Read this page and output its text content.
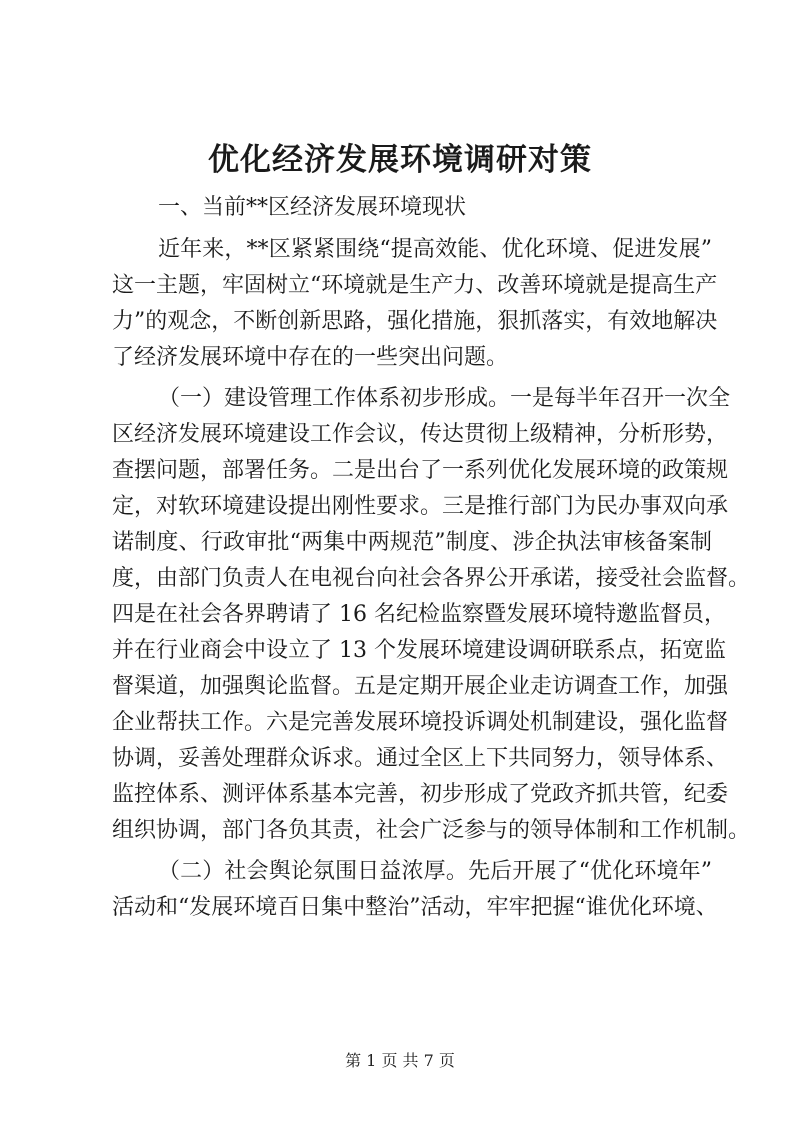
优化经济发展环境调研对策
一、当前**区经济发展环境现状
近年来，**区紧紧围绕“提高效能、优化环境、促进发展”
这一主题，牢固树立“环境就是生产力、改善环境就是提高生产
力”的观念，不断创新思路，强化措施，狠抓落实，有效地解决
了经济发展环境中存在的一些突出问题。
（一）建设管理工作体系初步形成。一是每半年召开一次全
区经济发展环境建设工作会议，传达贯彻上级精神，分析形势，
查摆问题，部署任务。二是出台了一系列优化发展环境的政策规
定，对软环境建设提出刚性要求。三是推行部门为民办事双向承
诺制度、行政审批“两集中两规范”制度、涉企执法审核备案制
度，由部门负责人在电视台向社会各界公开承诺，接受社会监督。
四是在社会各界聘请了 16 名纪检监察暨发展环境特邀监督员，
并在行业商会中设立了 13 个发展环境建设调研联系点，拓宽监
督渠道，加强舆论监督。五是定期开展企业走访调查工作，加强
企业帮扶工作。六是完善发展环境投诉调处机制建设，强化监督
协调，妥善处理群众诉求。通过全区上下共同努力，领导体系、
监控体系、测评体系基本完善，初步形成了党政齐抓共管，纪委
组织协调，部门各负其责，社会广泛参与的领导体制和工作机制。
（二）社会舆论氛围日益浓厚。先后开展了“优化环境年”
活动和“发展环境百日集中整治”活动，牢牢把握“谁优化环境、
第 1 页 共 7 页
